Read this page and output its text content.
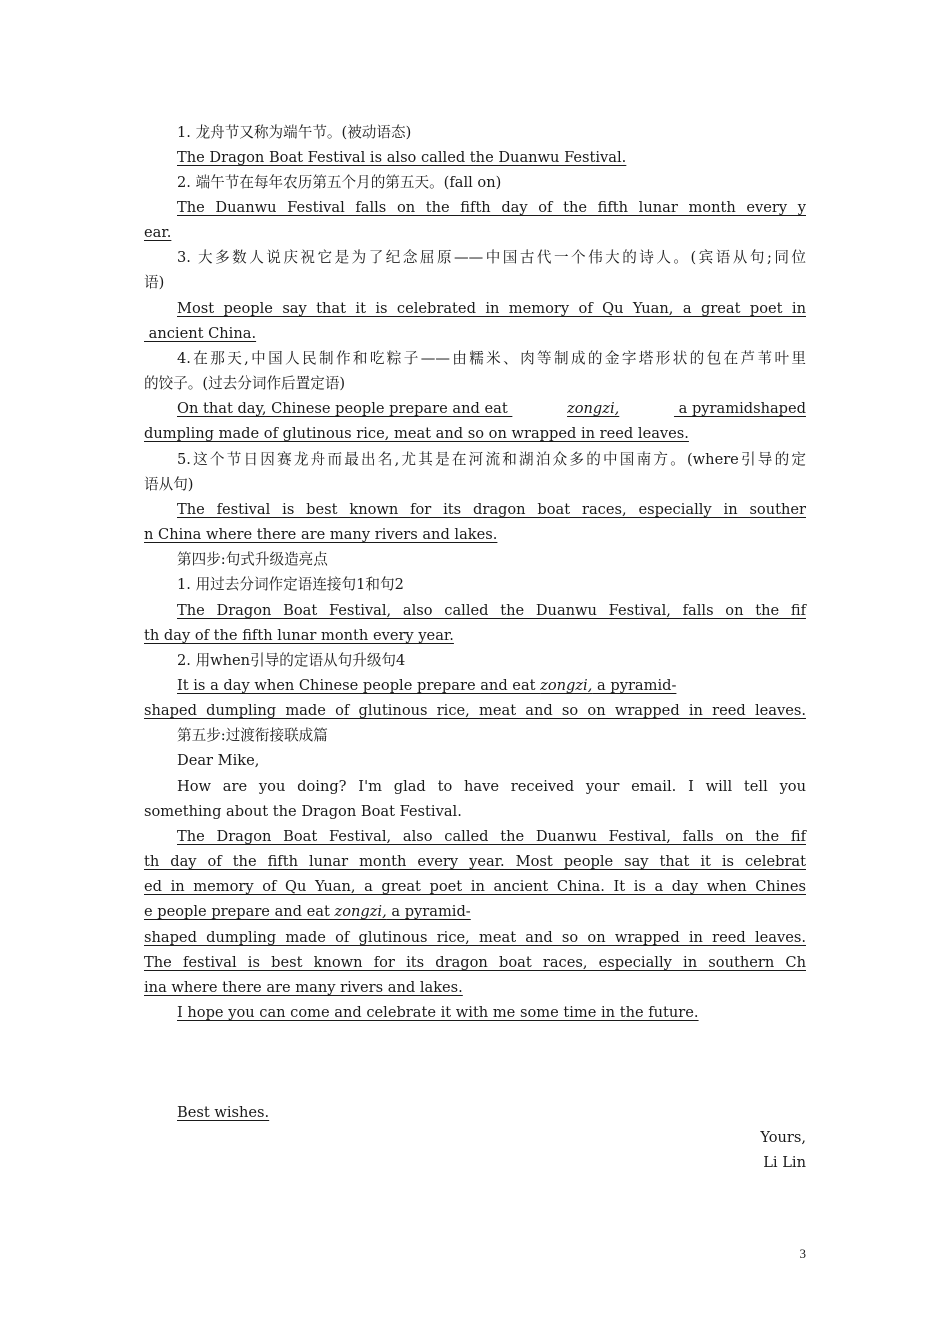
1. 龙舟节又称为端午节。(被动语态)
The Dragon Boat Festival is also called the Duanwu Festival.
2. 端午节在每年农历第五个月的第五天。(fall on)
The Duanwu Festival falls on the fifth day of the fifth lunar month every y
ear.
3. 大多数人说庆祝它是为了纪念屈原——中国古代一个伟大的诗人。(宾语从句;同位
语)
Most people say that it is celebrated in memory of Qu Yuan, a great poet in
ancient China.
4.在那天,中国人民制作和吃粽子——由糯米、肉等制成的金字塔形状的包在芦苇叶里
的饺子。(过去分词作后置定语)
On that day, Chinese people prepare and eat	zongzi,	a pyramidshaped
dumpling made of glutinous rice, meat and so on wrapped in reed leaves.
5.这个节日因赛龙舟而最出名,尤其是在河流和湖泊众多的中国南方。(where引导的定
语从句)
The festival is best known for its dragon boat races, especially in souther
n China where there are many rivers and lakes.
第四步:句式升级造亮点
1. 用过去分词作定语连接句1和句2
The Dragon Boat Festival, also called the Duanwu Festival, falls on the fif
th day of the fifth lunar month every year.
2. 用when引导的定语从句升级句4
It is a day when Chinese people prepare and eat zongzi, a pyramid-
shaped dumpling made of glutinous rice, meat and so on wrapped in reed leaves.
第五步:过渡衔接联成篇
Dear Mike,
How are you doing? I'm glad to have received your email. I will tell you
something about the Dragon Boat Festival.
The Dragon Boat Festival, also called the Duanwu Festival, falls on the fif
th day of the fifth lunar month every year. Most people say that it is celebrat
ed in memory of Qu Yuan, a great poet in ancient China. It is a day when Chines
e people prepare and eat zongzi, a pyramid-
shaped dumpling made of glutinous rice, meat and so on wrapped in reed leaves.
The festival is best known for its dragon boat races, especially in southern Ch
ina where there are many rivers and lakes.
I hope you can come and celebrate it with me some time in the future.
Best wishes.
Yours,
Li Lin
3
